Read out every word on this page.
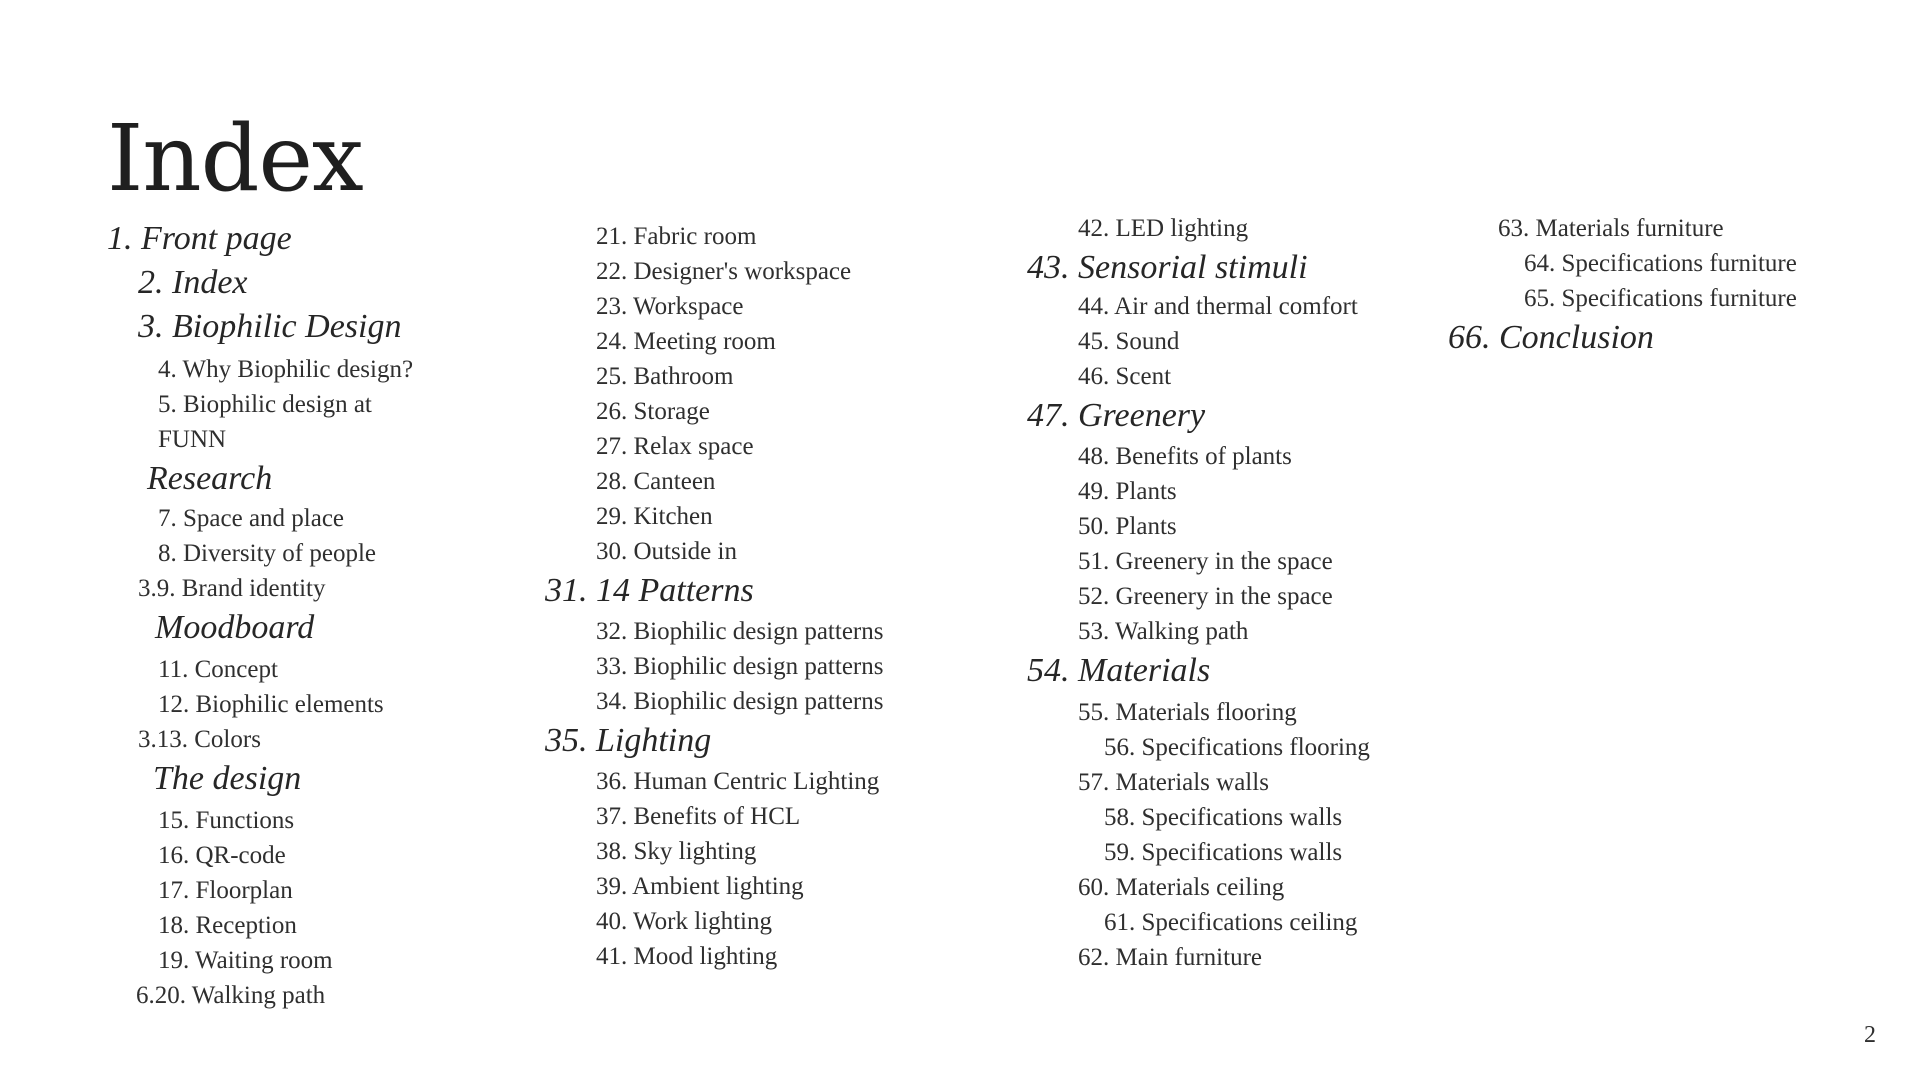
Index
1. Front page
2. Index
3. Biophilic Design
4. Why Biophilic design?
5. Biophilic design at
FUNN
Research
7. Space and place
8. Diversity of people
3.9. Brand identity
Moodboard
11. Concept
12. Biophilic elements
3.13. Colors
The design
15. Functions
16. QR-code
17. Floorplan
18. Reception
19. Waiting room
6.20. Walking path
21. Fabric room
22. Designer's workspace
23. Workspace
24. Meeting room
25. Bathroom
26. Storage
27. Relax space
28. Canteen
29. Kitchen
30. Outside in
31. 14 Patterns
32. Biophilic design patterns
33. Biophilic design patterns
34. Biophilic design patterns
35. Lighting
36. Human Centric Lighting
37. Benefits of HCL
38. Sky lighting
39. Ambient lighting
40. Work lighting
41. Mood lighting
42. LED lighting
43. Sensorial stimuli
44. Air and thermal comfort
45. Sound
46. Scent
47. Greenery
48. Benefits of plants
49. Plants
50. Plants
51. Greenery in the space
52. Greenery in the space
53. Walking path
54. Materials
55. Materials flooring
56. Specifications flooring
57. Materials walls
58. Specifications walls
59. Specifications walls
60. Materials ceiling
61. Specifications ceiling
62. Main furniture
63. Materials furniture
64. Specifications furniture
65. Specifications furniture
66. Conclusion
2
